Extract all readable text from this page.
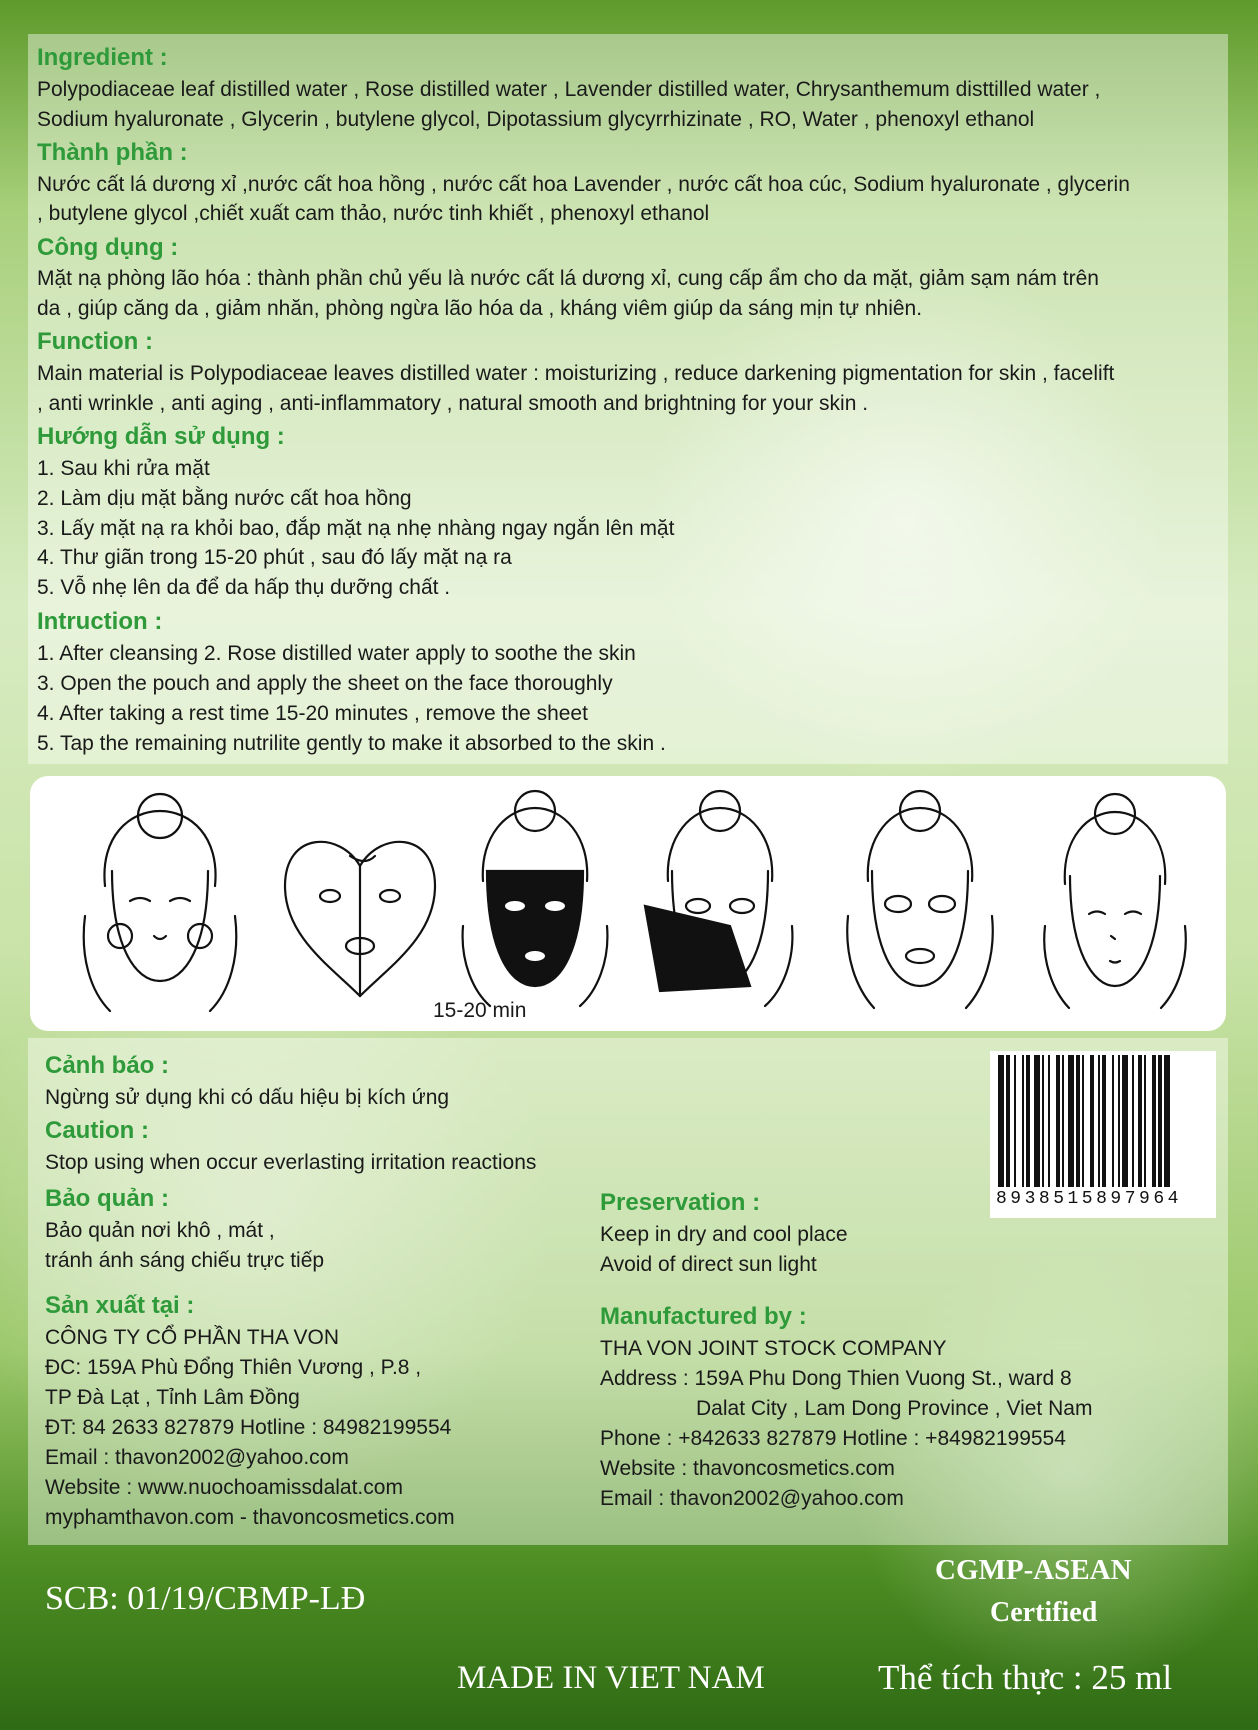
Ingredient :
Polypodiaceae leaf distilled water , Rose distilled water , Lavender distilled water, Chrysanthemum disttilled water ,
Sodium hyaluronate , Glycerin , butylene glycol, Dipotassium glycyrrhizinate , RO, Water , phenoxyl ethanol
Thành phần :
Nước cất lá dương xỉ ,nước cất hoa hồng , nước cất hoa Lavender , nước cất hoa cúc, Sodium hyaluronate , glycerin
, butylene glycol ,chiết xuất cam thảo, nước tinh khiết , phenoxyl ethanol
Công dụng :
Mặt nạ phòng lão hóa : thành phần chủ yếu là nước cất lá dương xỉ, cung cấp ẩm cho da mặt, giảm sạm nám trên
da , giúp căng da , giảm nhăn, phòng ngừa lão hóa da , kháng viêm giúp da sáng mịn tự nhiên.
Function :
Main material is Polypodiaceae leaves distilled water : moisturizing , reduce darkening pigmentation for skin , facelift
, anti wrinkle , anti aging , anti-inflammatory , natural smooth and brightning for your skin .
Hướng dẫn sử dụng :
1. Sau khi rửa mặt
2. Làm dịu mặt bằng nước cất hoa hồng
3. Lấy mặt nạ ra khỏi bao, đắp mặt nạ nhẹ nhàng ngay ngắn lên mặt
4. Thư giãn trong 15-20 phút , sau đó lấy mặt nạ ra
5. Vỗ nhẹ lên da để da hấp thụ dưỡng chất .
Intruction :
1. After cleansing 2. Rose distilled water apply to soothe the skin
3. Open the pouch and apply the sheet on the face thoroughly
4. After taking a rest time 15-20 minutes , remove the sheet
5. Tap the remaining nutrilite gently to make it absorbed to the skin .
15-20 min
8938515897964
Cảnh báo :
Ngừng sử dụng khi có dấu hiệu bị kích ứng
Caution :
Stop using when occur everlasting irritation reactions
Bảo quản :
Bảo quản nơi khô , mát ,
tránh ánh sáng chiếu trực tiếp
Preservation :
Keep in dry and cool place
Avoid of direct sun light
Sản xuất tại :
CÔNG TY CỔ PHẦN THA VON
ĐC: 159A Phù Đổng Thiên Vương , P.8 ,
TP Đà Lạt , Tỉnh Lâm Đồng
ĐT: 84 2633 827879 Hotline : 84982199554
Email : thavon2002@yahoo.com
Website : www.nuochoamissdalat.com
myphamthavon.com - thavoncosmetics.com
Manufactured by :
THA VON JOINT STOCK COMPANY
Address : 159A Phu Dong Thien Vuong St., ward 8
Dalat City , Lam Dong Province , Viet Nam
Phone : +842633 827879 Hotline : +84982199554
Website : thavoncosmetics.com
Email : thavon2002@yahoo.com
SCB: 01/19/CBMP-LĐ
CGMP-ASEAN
Certified
MADE IN VIET NAM	Thể tích thực : 25 ml
